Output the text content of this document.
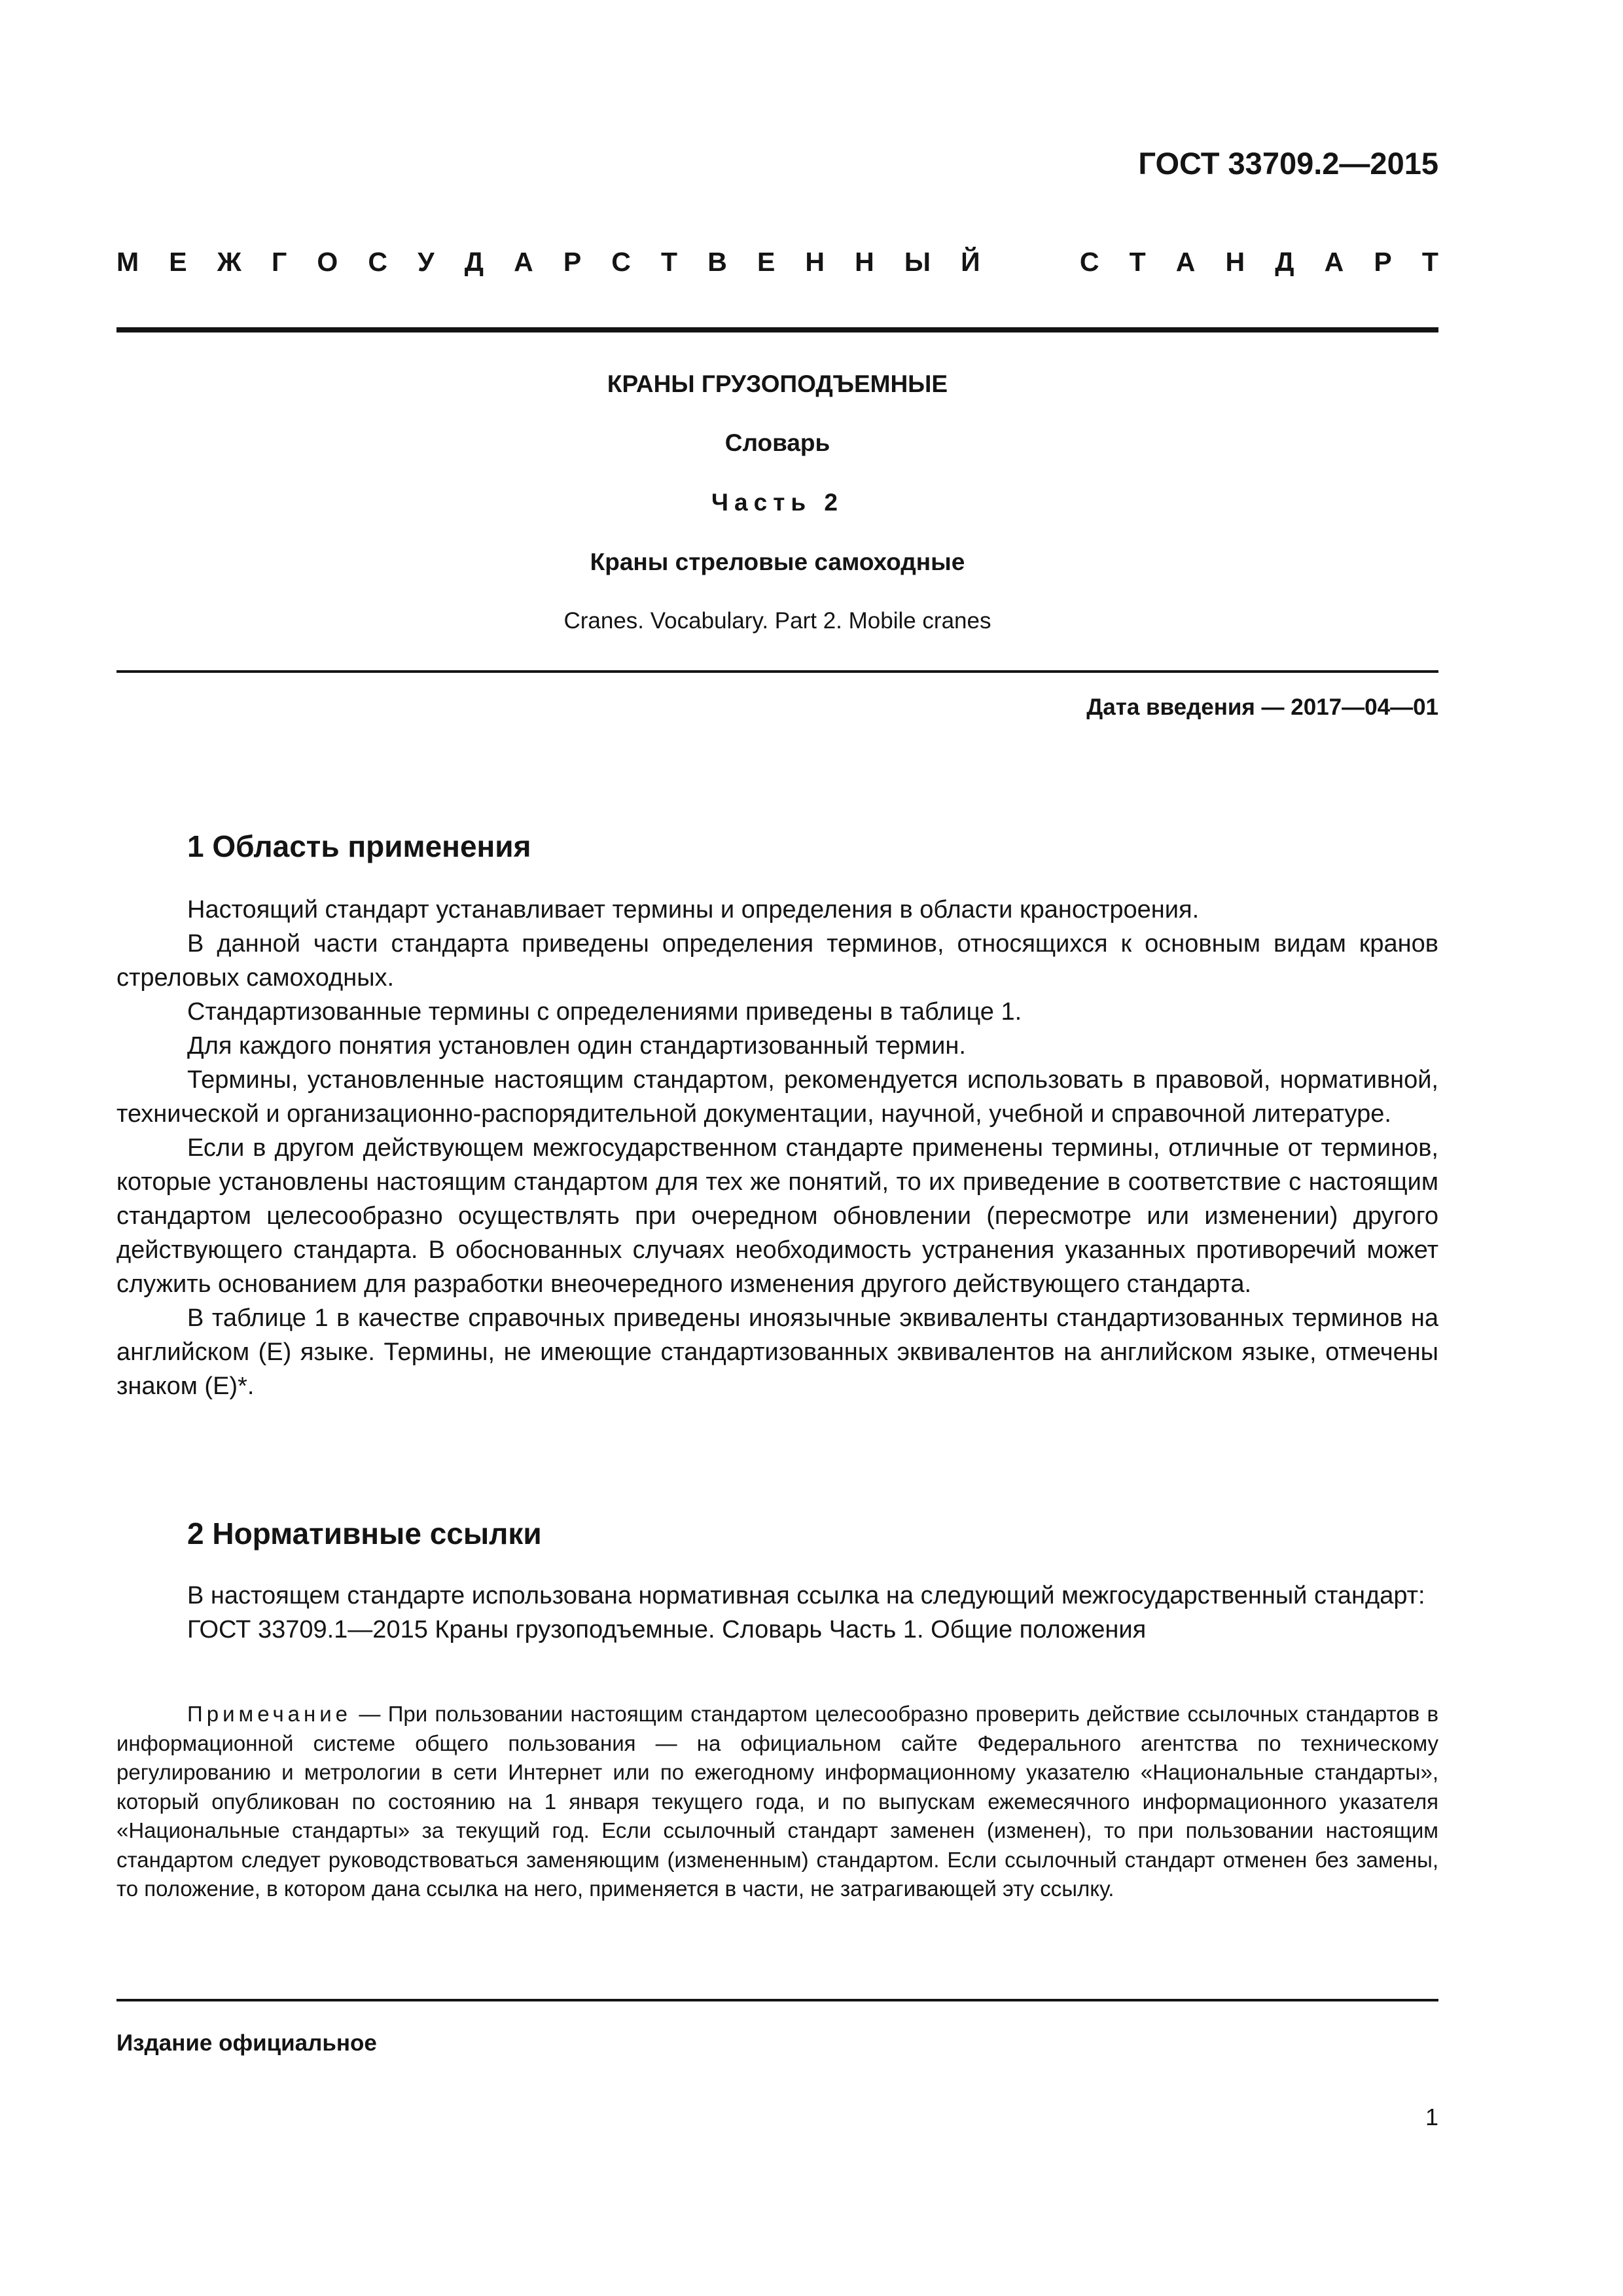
ГОСТ 33709.2—2015
М Е Ж Г О С У Д А Р С Т В Е Н Н Ы Й	С Т А Н Д А Р Т
КРАНЫ ГРУЗОПОДЪЕМНЫЕ
Словарь
Часть 2
Краны стреловые самоходные
Cranes. Vocabulary. Part 2. Mobile cranes
Дата введения — 2017—04—01
1 Область применения

Настоящий стандарт устанавливает термины и определения в области краностроения.

В данной части стандарта приведены определения терминов, относящихся к основным видам кранов стреловых самоходных.

Стандартизованные термины с определениями приведены в таблице 1.

Для каждого понятия установлен один стандартизованный термин.

Термины, установленные настоящим стандартом, рекомендуется использовать в правовой, нормативной, технической и организационно-распорядительной документации, научной, учебной и справочной литературе.

Если в другом действующем межгосударственном стандарте применены термины, отличные от терминов, которые установлены настоящим стандартом для тех же понятий, то их приведение в соответствие с настоящим стандартом целесообразно осуществлять при очередном обновлении (пересмотре или изменении) другого действующего стандарта. В обоснованных случаях необходимость устранения указанных противоречий может служить основанием для разработки внеочередного изменения другого действующего стандарта.

В таблице 1 в качестве справочных приведены иноязычные эквиваленты стандартизованных терминов на английском (Е) языке. Термины, не имеющие стандартизованных эквивалентов на английском языке, отмечены знаком (Е)*.

2 Нормативные ссылки

В настоящем стандарте использована нормативная ссылка на следующий межгосударственный стандарт:

ГОСТ 33709.1—2015 Краны грузоподъемные. Словарь Часть 1. Общие положения

Примечание — При пользовании настоящим стандартом целесообразно проверить действие ссылочных стандартов в информационной системе общего пользования — на официальном сайте Федерального агентства по техническому регулированию и метрологии в сети Интернет или по ежегодному информационному указателю «Национальные стандарты», который опубликован по состоянию на 1 января текущего года, и по выпускам ежемесячного информационного указателя «Национальные стандарты» за текущий год. Если ссылочный стандарт заменен (изменен), то при пользовании настоящим стандартом следует руководствоваться заменяющим (измененным) стандартом. Если ссылочный стандарт отменен без замены, то положение, в котором дана ссылка на него, применяется в части, не затрагивающей эту ссылку.
Издание официальное
1
